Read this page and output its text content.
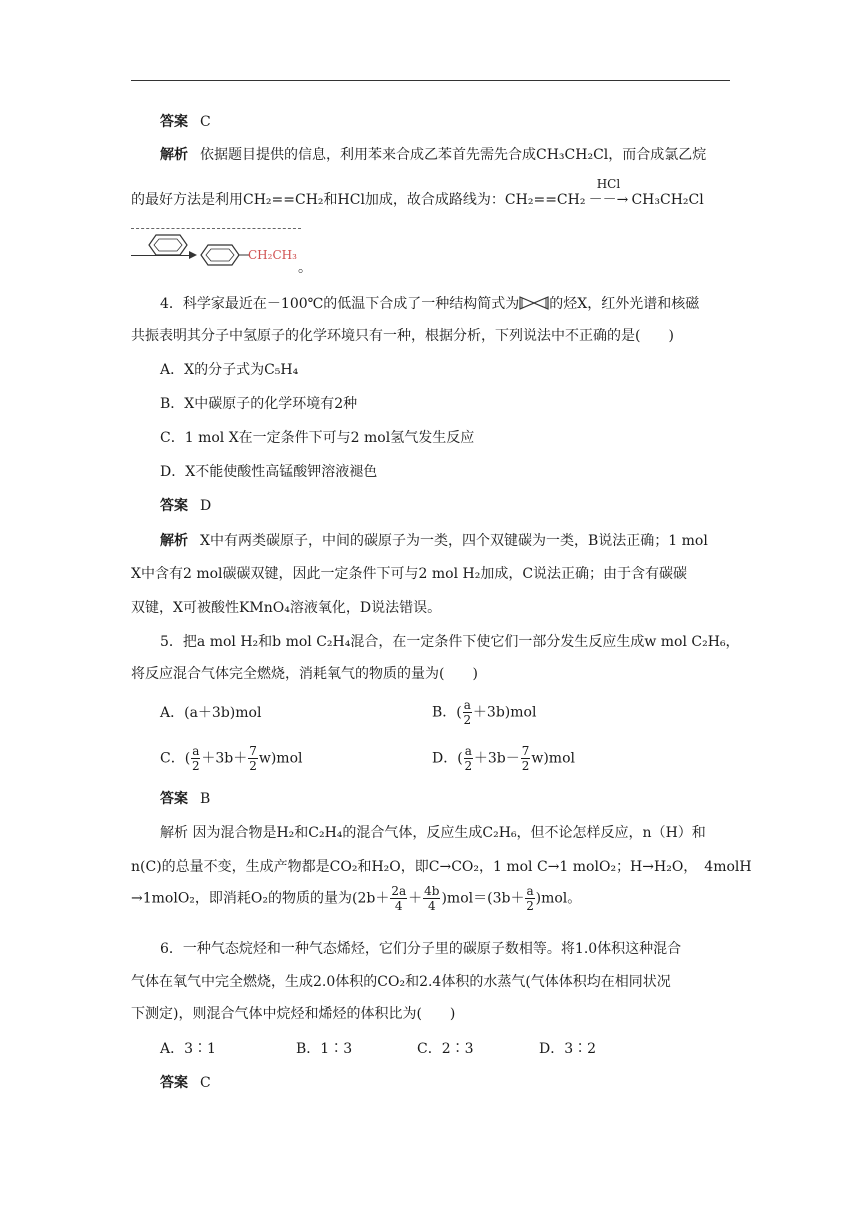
答案 C
解析 依据题目提供的信息，利用苯来合成乙苯首先需先合成CH₃CH₂Cl，而合成氯乙烷
的最好方法是利用CH₂==CH₂和HCl加成，故合成路线为：CH₂==CH₂
HCl
－－→ CH₃CH₂Cl
CH₂CH₃
。
4．科学家最近在－100℃的低温下合成了一种结构简式为 的烃X，红外光谱和核磁
共振表明其分子中氢原子的化学环境只有一种，根据分析，下列说法中不正确的是(　　)
A．X的分子式为C₅H₄
B．X中碳原子的化学环境有2种
C．1 mol X在一定条件下可与2 mol氢气发生反应
D．X不能使酸性高锰酸钾溶液褪色
答案 D
解析 X中有两类碳原子，中间的碳原子为一类，四个双键碳为一类，B说法正确；1 mol
X中含有2 mol碳碳双键，因此一定条件下可与2 mol H₂加成，C说法正确；由于含有碳碳
双键，X可被酸性KMnO₄溶液氧化，D说法错误。
5．把a mol H₂和b mol C₂H₄混合，在一定条件下使它们一部分发生反应生成w mol C₂H₆，
将反应混合气体完全燃烧，消耗氧气的物质的量为(　　)
A．(a＋3b)mol	B．( $\frac{a}{2} +3b)mol$
C．( $\frac{a}{2} +3b+ \frac{7}{2} w)mol$	D．( $\frac{a}{2} +3b- \frac{7}{2} w)mol$
答案 B
解析 因为混合物是H₂和C₂H₄的混合气体，反应生成C₂H₆，但不论怎样反应，n（H）和
n(C)的总量不变，生成产物都是CO₂和H₂O，即C→CO₂，1 mol C→1 molO₂；H→H₂O，　4molH
→1molO₂，即消耗O₂的物质的量为$(2b+ \frac{2a}{4} + \frac{4b}{4} )mol=(3b+ \frac{a}{2} )mol$。
6．一种气态烷烃和一种气态烯烃，它们分子里的碳原子数相等。将1.0体积这种混合
气体在氧气中完全燃烧，生成2.0体积的CO₂和2.4体积的水蒸气(气体体积均在相同状况
下测定)，则混合气体中烷烃和烯烃的体积比为(　　)
A．3∶1	B．1∶3	C．2∶3	D．3∶2
答案 C
